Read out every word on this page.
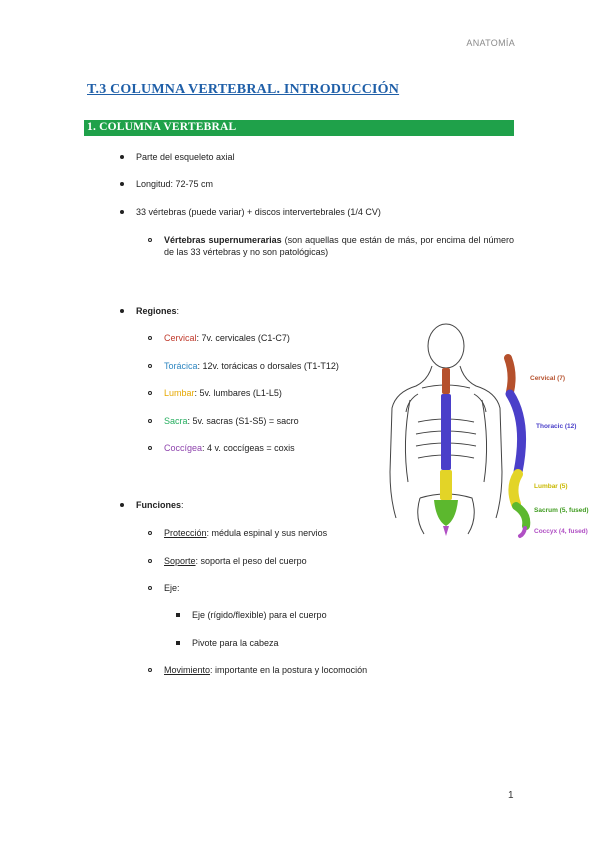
ANATOMÍA
T.3 COLUMNA VERTEBRAL. INTRODUCCIÓN
1. COLUMNA VERTEBRAL
Parte del esqueleto axial
Longitud: 72-75 cm
33 vértebras (puede variar) + discos intervertebrales (1/4 CV)
Vértebras supernumerarias (son aquellas que están de más, por encima del número de las 33 vértebras y no son patológicas)
Regiones:
Cervical: 7v. cervicales (C1-C7)
Torácica: 12v. torácicas o dorsales (T1-T12)
Lumbar: 5v. lumbares (L1-L5)
Sacra: 5v. sacras (S1-S5) = sacro
Coccígea: 4 v. coccígeas = coxis
Funciones:
Protección: médula espinal y sus nervios
Soporte: soporta el peso del cuerpo
Eje:
Eje (rígido/flexible) para el cuerpo
Pivote para la cabeza
Movimiento: importante en la postura y locomoción
Cervical (7)
Thoracic (12)
Lumbar (5)
Sacrum (5, fused)
Coccyx (4, fused)
1
